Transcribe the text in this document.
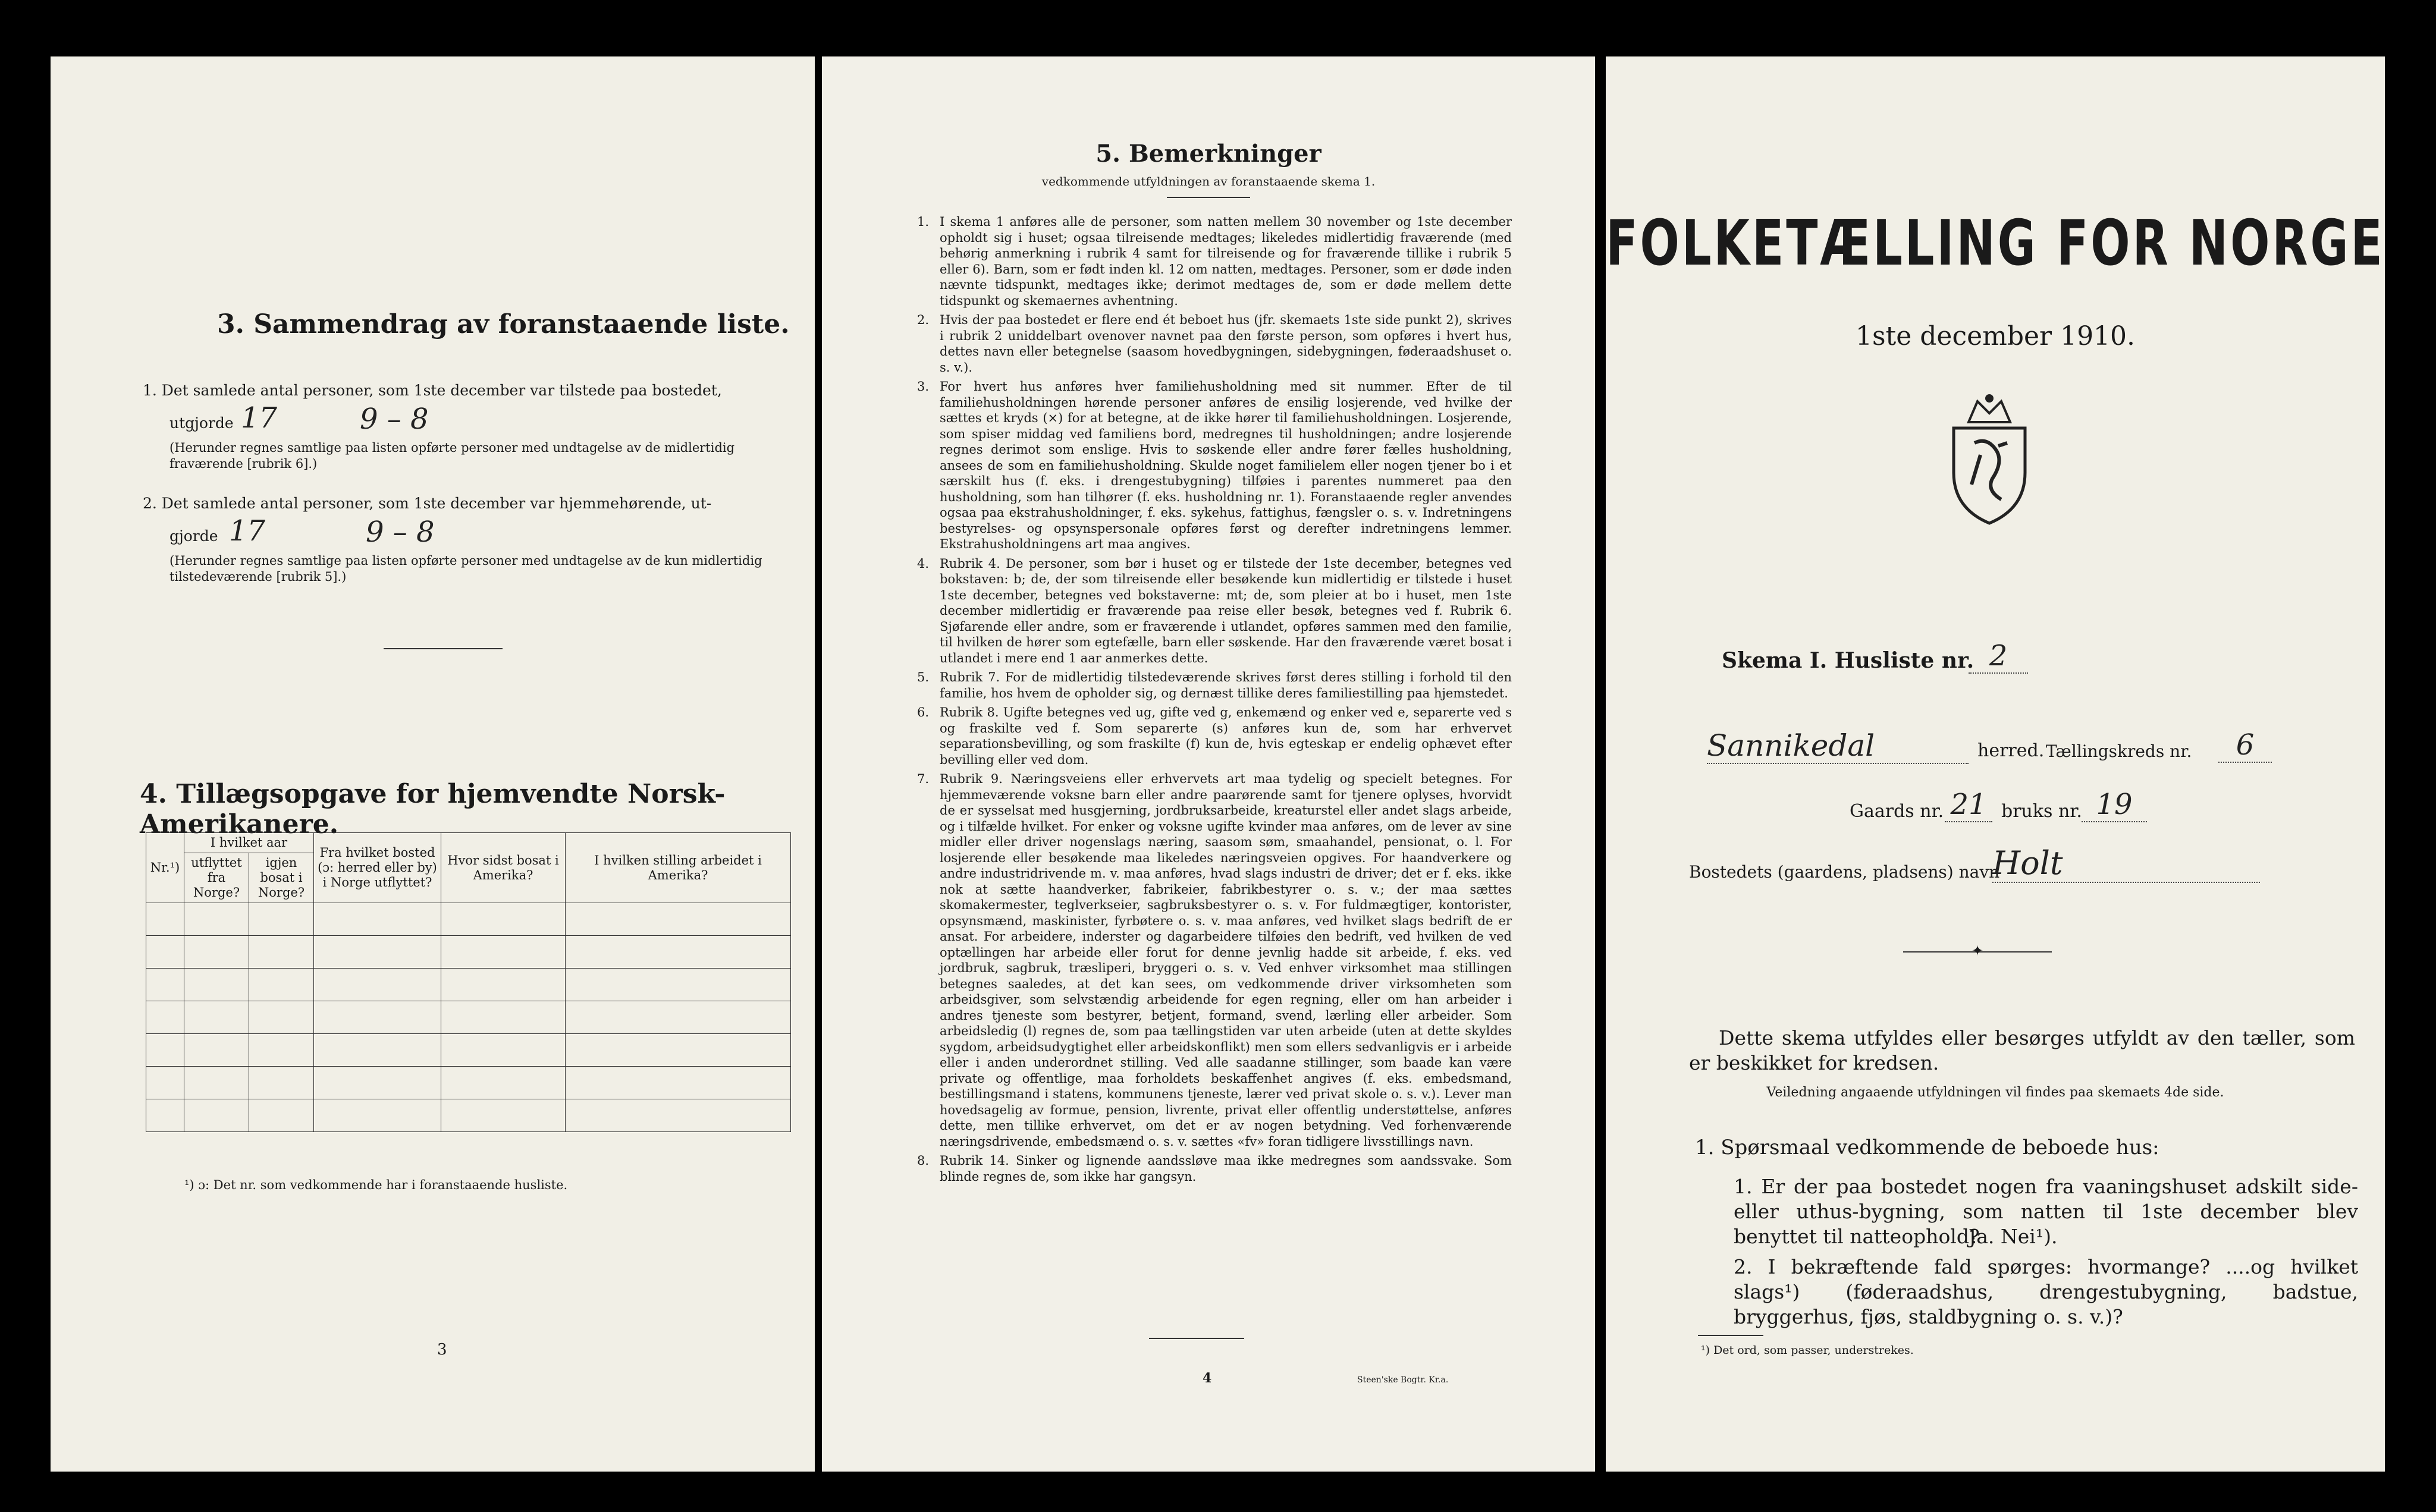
3. Sammendrag av foranstaaende liste.
1. Det samlede antal personer, som 1ste december var tilstede paa bostedet,
utgjorde 17	9 – 8
(Herunder regnes samtlige paa listen opførte personer med undtagelse av de midlertidig fraværende [rubrik 6].)
2. Det samlede antal personer, som 1ste december var hjemmehørende, ut-
gjorde 17	9 – 8
(Herunder regnes samtlige paa listen opførte personer med undtagelse av de kun midlertidig tilstedeværende [rubrik 5].)
4. Tillægsopgave for hjemvendte Norsk-Amerikanere.
Nr.¹)	I hvilket aar		Fra hvilket bosted (ɔ: herred eller by) i Norge utflyttet?	Hvor sidst bosat i Amerika?	I hvilken stilling arbeidet i Amerika?
	utflyttet fra Norge?	igjen bosat i Norge?			

¹) ɔ: Det nr. som vedkommende har i foranstaaende husliste.
3
5. Bemerkninger
vedkommende utfyldningen av foranstaaende skema 1.
1. I skema 1 anføres alle de personer, som natten mellem 30 november og 1ste december opholdt sig i huset; ogsaa tilreisende medtages; likeledes midlertidig fraværende (med behørig anmerkning i rubrik 4 samt for tilreisende og for fraværende tillike i rubrik 5 eller 6). Barn, som er født inden kl. 12 om natten, medtages. Personer, som er døde inden nævnte tidspunkt, medtages ikke; derimot medtages de, som er døde mellem dette tidspunkt og skemaernes avhentning.
2. Hvis der paa bostedet er flere end ét beboet hus (jfr. skemaets 1ste side punkt 2), skrives i rubrik 2 uniddelbart ovenover navnet paa den første person, som opføres i hvert hus, dettes navn eller betegnelse (saasom hovedbygningen, sidebygningen, føderaadshuset o. s. v.).
3. For hvert hus anføres hver familiehusholdning med sit nummer. Efter de til familiehusholdningen hørende personer anføres de ensilig losjerende, ved hvilke der sættes et kryds (×) for at betegne, at de ikke hører til familiehusholdningen. Losjerende, som spiser middag ved familiens bord, medregnes til husholdningen; andre losjerende regnes derimot som enslige. Hvis to søskende eller andre fører fælles husholdning, ansees de som en familiehusholdning. Skulde noget familielem eller nogen tjener bo i et særskilt hus (f. eks. i drengestubygning) tilføies i parentes nummeret paa den husholdning, som han tilhører (f. eks. husholdning nr. 1). Foranstaaende regler anvendes ogsaa paa ekstrahusholdninger, f. eks. sykehus, fattighus, fængsler o. s. v. Indretningens bestyrelses- og opsynspersonale opføres først og derefter indretningens lemmer. Ekstrahusholdningens art maa angives.
4. Rubrik 4. De personer, som bør i huset og er tilstede der 1ste december, betegnes ved bokstaven: b; de, der som tilreisende eller besøkende kun midlertidig er tilstede i huset 1ste december, betegnes ved bokstaverne: mt; de, som pleier at bo i huset, men 1ste december midlertidig er fraværende paa reise eller besøk, betegnes ved f. Rubrik 6. Sjøfarende eller andre, som er fraværende i utlandet, opføres sammen med den familie, til hvilken de hører som egtefælle, barn eller søskende. Har den fraværende været bosat i utlandet i mere end 1 aar anmerkes dette.
5. Rubrik 7. For de midlertidig tilstedeværende skrives først deres stilling i forhold til den familie, hos hvem de opholder sig, og dernæst tillike deres familiestilling paa hjemstedet.
6. Rubrik 8. Ugifte betegnes ved ug, gifte ved g, enkemænd og enker ved e, separerte ved s og fraskilte ved f. Som separerte (s) anføres kun de, som har erhvervet separationsbevilling, og som fraskilte (f) kun de, hvis egteskap er endelig ophævet efter bevilling eller ved dom.
7. Rubrik 9. Næringsveiens eller erhvervets art maa tydelig og specielt betegnes. For hjemmeværende voksne barn eller andre paarørende samt for tjenere oplyses, hvorvidt de er sysselsat med husgjerning, jordbruksarbeide, kreaturstel eller andet slags arbeide, og i tilfælde hvilket. For enker og voksne ugifte kvinder maa anføres, om de lever av sine midler eller driver nogenslags næring, saasom søm, smaahandel, pensionat, o. l. For losjerende eller besøkende maa likeledes næringsveien opgives. For haandverkere og andre industridrivende m. v. maa anføres, hvad slags industri de driver; det er f. eks. ikke nok at sætte haandverker, fabrikeier, fabrikbestyrer o. s. v.; der maa sættes skomakermester, teglverkseier, sagbruksbestyrer o. s. v. For fuldmægtiger, kontorister, opsynsmænd, maskinister, fyrbøtere o. s. v. maa anføres, ved hvilket slags bedrift de er ansat. For arbeidere, inderster og dagarbeidere tilføies den bedrift, ved hvilken de ved optællingen har arbeide eller forut for denne jevnlig hadde sit arbeide, f. eks. ved jordbruk, sagbruk, træsliperi, bryggeri o. s. v. Ved enhver virksomhet maa stillingen betegnes saaledes, at det kan sees, om vedkommende driver virksomheten som arbeidsgiver, som selvstændig arbeidende for egen regning, eller om han arbeider i andres tjeneste som bestyrer, betjent, formand, svend, lærling eller arbeider. Som arbeidsledig (l) regnes de, som paa tællingstiden var uten arbeide (uten at dette skyldes sygdom, arbeidsudygtighet eller arbeidskonflikt) men som ellers sedvanligvis er i arbeide eller i anden underordnet stilling. Ved alle saadanne stillinger, som baade kan være private og offentlige, maa forholdets beskaffenhet angives (f. eks. embedsmand, bestillingsmand i statens, kommunens tjeneste, lærer ved privat skole o. s. v.). Lever man hovedsagelig av formue, pension, livrente, privat eller offentlig understøttelse, anføres dette, men tillike erhvervet, om det er av nogen betydning. Ved forhenværende næringsdrivende, embedsmænd o. s. v. sættes «fv» foran tidligere livsstillings navn.
8. Rubrik 14. Sinker og lignende aandssløve maa ikke medregnes som aandssvake. Som blinde regnes de, som ikke har gangsyn.
4	Steen'ske Bogtr. Kr.a.
FOLKETÆLLING FOR NORGE
1ste december 1910.
Skema I. Husliste nr. 2
Sannikedal	herred. Tællingskreds nr.	6
Gaards nr. 21 bruks nr. 19
Bostedets (gaardens, pladsens) navn
Holt
✦
Dette skema utfyldes eller besørges utfyldt av den tæller, som er beskikket for kredsen.
Veiledning angaaende utfyldningen vil findes paa skemaets 4de side.
1. Spørsmaal vedkommende de beboede hus:
1. Er der paa bostedet nogen fra vaaningshuset adskilt side- eller uthus-bygning, som natten til 1ste december blev benyttet til natteophold?
Ja. Nei¹).
2. I bekræftende fald spørges: hvormange? ....og hvilket slags¹) (føderaadshus, drengestubygning, badstue, bryggerhus, fjøs, staldbygning o. s. v.)?
¹) Det ord, som passer, understrekes.
